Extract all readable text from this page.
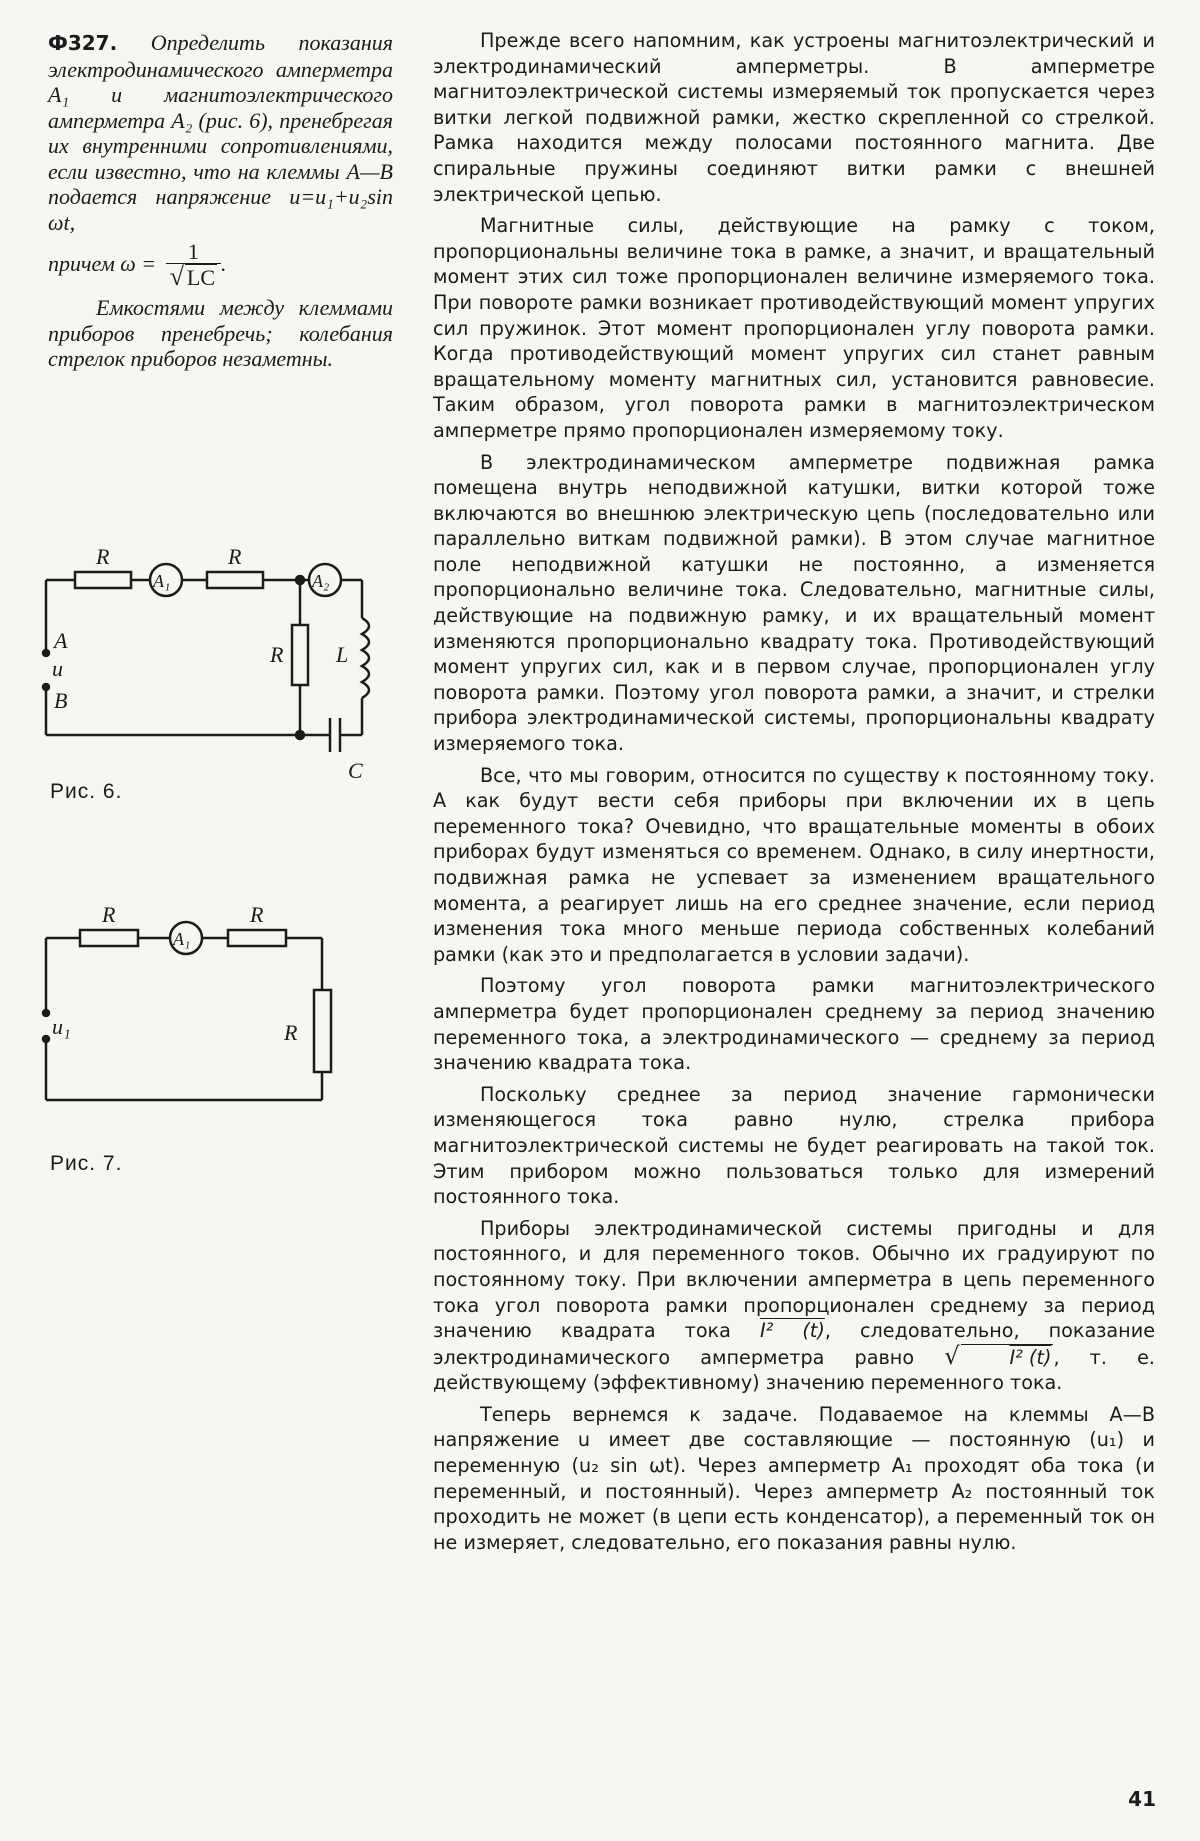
Ф327. Определить показания электродинамического амперметра A₁ и магнитоэлектрического амперметра A₂ (рис. 6), пренебрегая их внутренними сопротивлениями, если известно, что на клеммы A—B подается напряжение u=u₁+u₂sin ωt,

причем $\omega = \frac{1}{√ LC}$ .

Емкостями между клеммами приборов пренебречь; колебания стрелок приборов незаметны.

R	R
A₁	A₂
R L
C
A
u
B
Рис. 6.
R	R
A₁
R
u₁
Рис. 7.

Прежде всего напомним, как устроены магнитоэлектрический и электродинамический амперметры. В амперметре магнитоэлектрической системы измеряемый ток пропускается через витки легкой подвижной рамки, жестко скрепленной со стрелкой. Рамка находится между полосами постоянного магнита. Две спиральные пружины соединяют витки рамки с внешней электрической цепью.

Магнитные силы, действующие на рамку с током, пропорциональны величине тока в рамке, а значит, и вращательный момент этих сил тоже пропорционален величине измеряемого тока. При повороте рамки возникает противодействующий момент упругих сил пружинок. Этот момент пропорционален углу поворота рамки. Когда противодействующий момент упругих сил станет равным вращательному моменту магнитных сил, установится равновесие. Таким образом, угол поворота рамки в магнитоэлектрическом амперметре прямо пропорционален измеряемому току.

В электродинамическом амперметре подвижная рамка помещена внутрь неподвижной катушки, витки которой тоже включаются во внешнюю электрическую цепь (последовательно или параллельно виткам подвижной рамки). В этом случае магнитное поле неподвижной катушки не постоянно, а изменяется пропорционально величине тока. Следовательно, магнитные силы, действующие на подвижную рамку, и их вращательный момент изменяются пропорционально квадрату тока. Противодействующий момент упругих сил, как и в первом случае, пропорционален углу поворота рамки. Поэтому угол поворота рамки, а значит, и стрелки прибора электродинамической системы, пропорциональны квадрату измеряемого тока.

Все, что мы говорим, относится по существу к постоянному току. А как будут вести себя приборы при включении их в цепь переменного тока? Очевидно, что вращательные моменты в обоих приборах будут изменяться со временем. Однако, в силу инертности, подвижная рамка не успевает за изменением вращательного момента, а реагирует лишь на его среднее значение, если период изменения тока много меньше периода собственных колебаний рамки (как это и предполагается в условии задачи).

Поэтому угол поворота рамки магнитоэлектрического амперметра будет пропорционален среднему за период значению переменного тока, а электродинамического — среднему за период значению квадрата тока.

Поскольку среднее за период значение гармонически изменяющегося тока равно нулю, стрелка прибора магнитоэлектрической системы не будет реагировать на такой ток. Этим прибором можно пользоваться только для измерений постоянного тока.

Приборы электродинамической системы пригодны и для постоянного, и для переменного токов. Обычно их градуируют по постоянному току. При включении амперметра в цепь переменного тока угол поворота рамки пропорционален среднему за период значению квадрата тока I² (t), следовательно, показание электродинамического амперметра равно √	I² (t) , т. е. действующему (эффективному) значению переменного тока.

Теперь вернемся к задаче. Подаваемое на клеммы A—B напряжение u имеет две составляющие — постоянную (u₁) и переменную (u₂ sin ωt). Через амперметр A₁ проходят оба тока (и переменный, и постоянный). Через амперметр A₂ постоянный ток проходить не может (в цепи есть конденсатор), а переменный ток он не измеряет, следовательно, его показания равны нулю.

41
